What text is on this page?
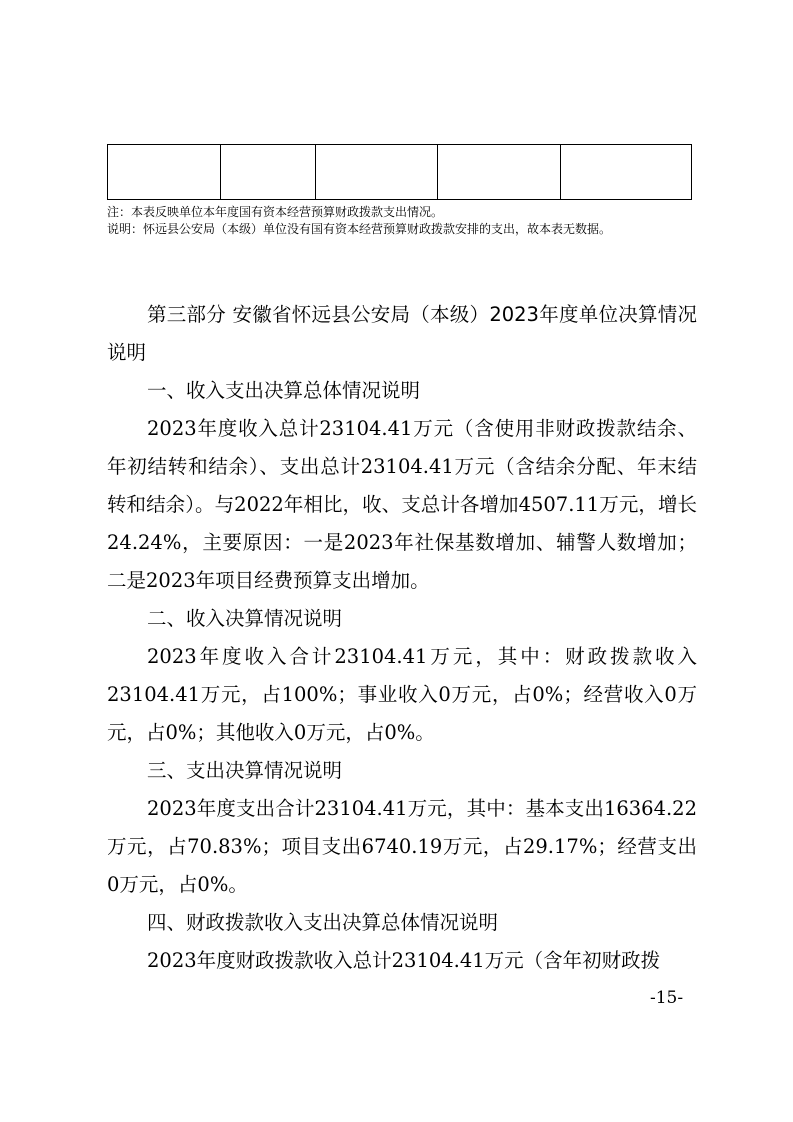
注：本表反映单位本年度国有资本经营预算财政拨款支出情况。

说明：怀远县公安局（本级）单位没有国有资本经营预算财政拨款安排的支出，故本表无数据。

第三部分 安徽省怀远县公安局（本级）2023年度单位决算情况说明

一、收入支出决算总体情况说明

2023年度收入总计23104.41万元（含使用非财政拨款结余、年初结转和结余）、支出总计23104.41万元（含结余分配、年末结转和结余）。与2022年相比，收、支总计各增加4507.11万元，增长24.24%，主要原因：一是2023年社保基数增加、辅警人数增加；二是2023年项目经费预算支出增加。

二、收入决算情况说明

2023年度收入合计23104.41万元，其中：财政拨款收入23104.41万元，占100%；事业收入0万元，占0%；经营收入0万元，占0%；其他收入0万元，占0%。

三、支出决算情况说明

2023年度支出合计23104.41万元，其中：基本支出16364.22万元，占70.83%；项目支出6740.19万元，占29.17%；经营支出0万元，占0%。

四、财政拨款收入支出决算总体情况说明

2023年度财政拨款收入总计23104.41万元（含年初财政拨

-15-
